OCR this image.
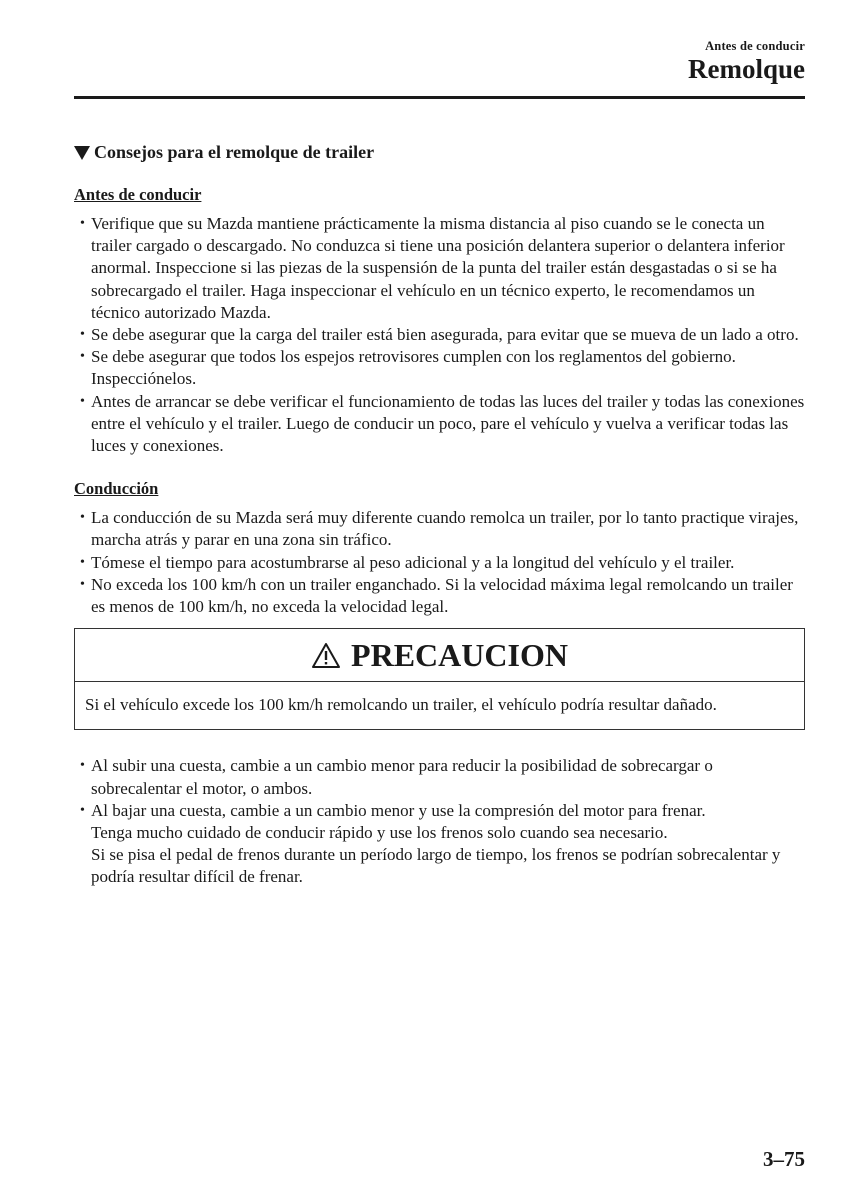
Antes de conducir
Remolque
Consejos para el remolque de trailer
Antes de conducir
• Verifique que su Mazda mantiene prácticamente la misma distancia al piso cuando se le conecta un trailer cargado o descargado. No conduzca si tiene una posición delantera superior o delantera inferior anormal. Inspeccione si las piezas de la suspensión de la punta del trailer están desgastadas o si se ha sobrecargado el trailer. Haga inspeccionar el vehículo en un técnico experto, le recomendamos un técnico autorizado Mazda.
• Se debe asegurar que la carga del trailer está bien asegurada, para evitar que se mueva de un lado a otro.
• Se debe asegurar que todos los espejos retrovisores cumplen con los reglamentos del gobierno. Inspecciónelos.
• Antes de arrancar se debe verificar el funcionamiento de todas las luces del trailer y todas las conexiones entre el vehículo y el trailer. Luego de conducir un poco, pare el vehículo y vuelva a verificar todas las luces y conexiones.
Conducción
• La conducción de su Mazda será muy diferente cuando remolca un trailer, por lo tanto practique virajes, marcha atrás y parar en una zona sin tráfico.
• Tómese el tiempo para acostumbrarse al peso adicional y a la longitud del vehículo y el trailer.
• No exceda los 100 km/h con un trailer enganchado. Si la velocidad máxima legal remolcando un trailer es menos de 100 km/h, no exceda la velocidad legal.
PRECAUCION
Si el vehículo excede los 100 km/h remolcando un trailer, el vehículo podría resultar dañado.
• Al subir una cuesta, cambie a un cambio menor para reducir la posibilidad de sobrecargar o sobrecalentar el motor, o ambos.
• Al bajar una cuesta, cambie a un cambio menor y use la compresión del motor para frenar.
Tenga mucho cuidado de conducir rápido y use los frenos solo cuando sea necesario.
Si se pisa el pedal de frenos durante un período largo de tiempo, los frenos se podrían sobrecalentar y podría resultar difícil de frenar.
3–75
